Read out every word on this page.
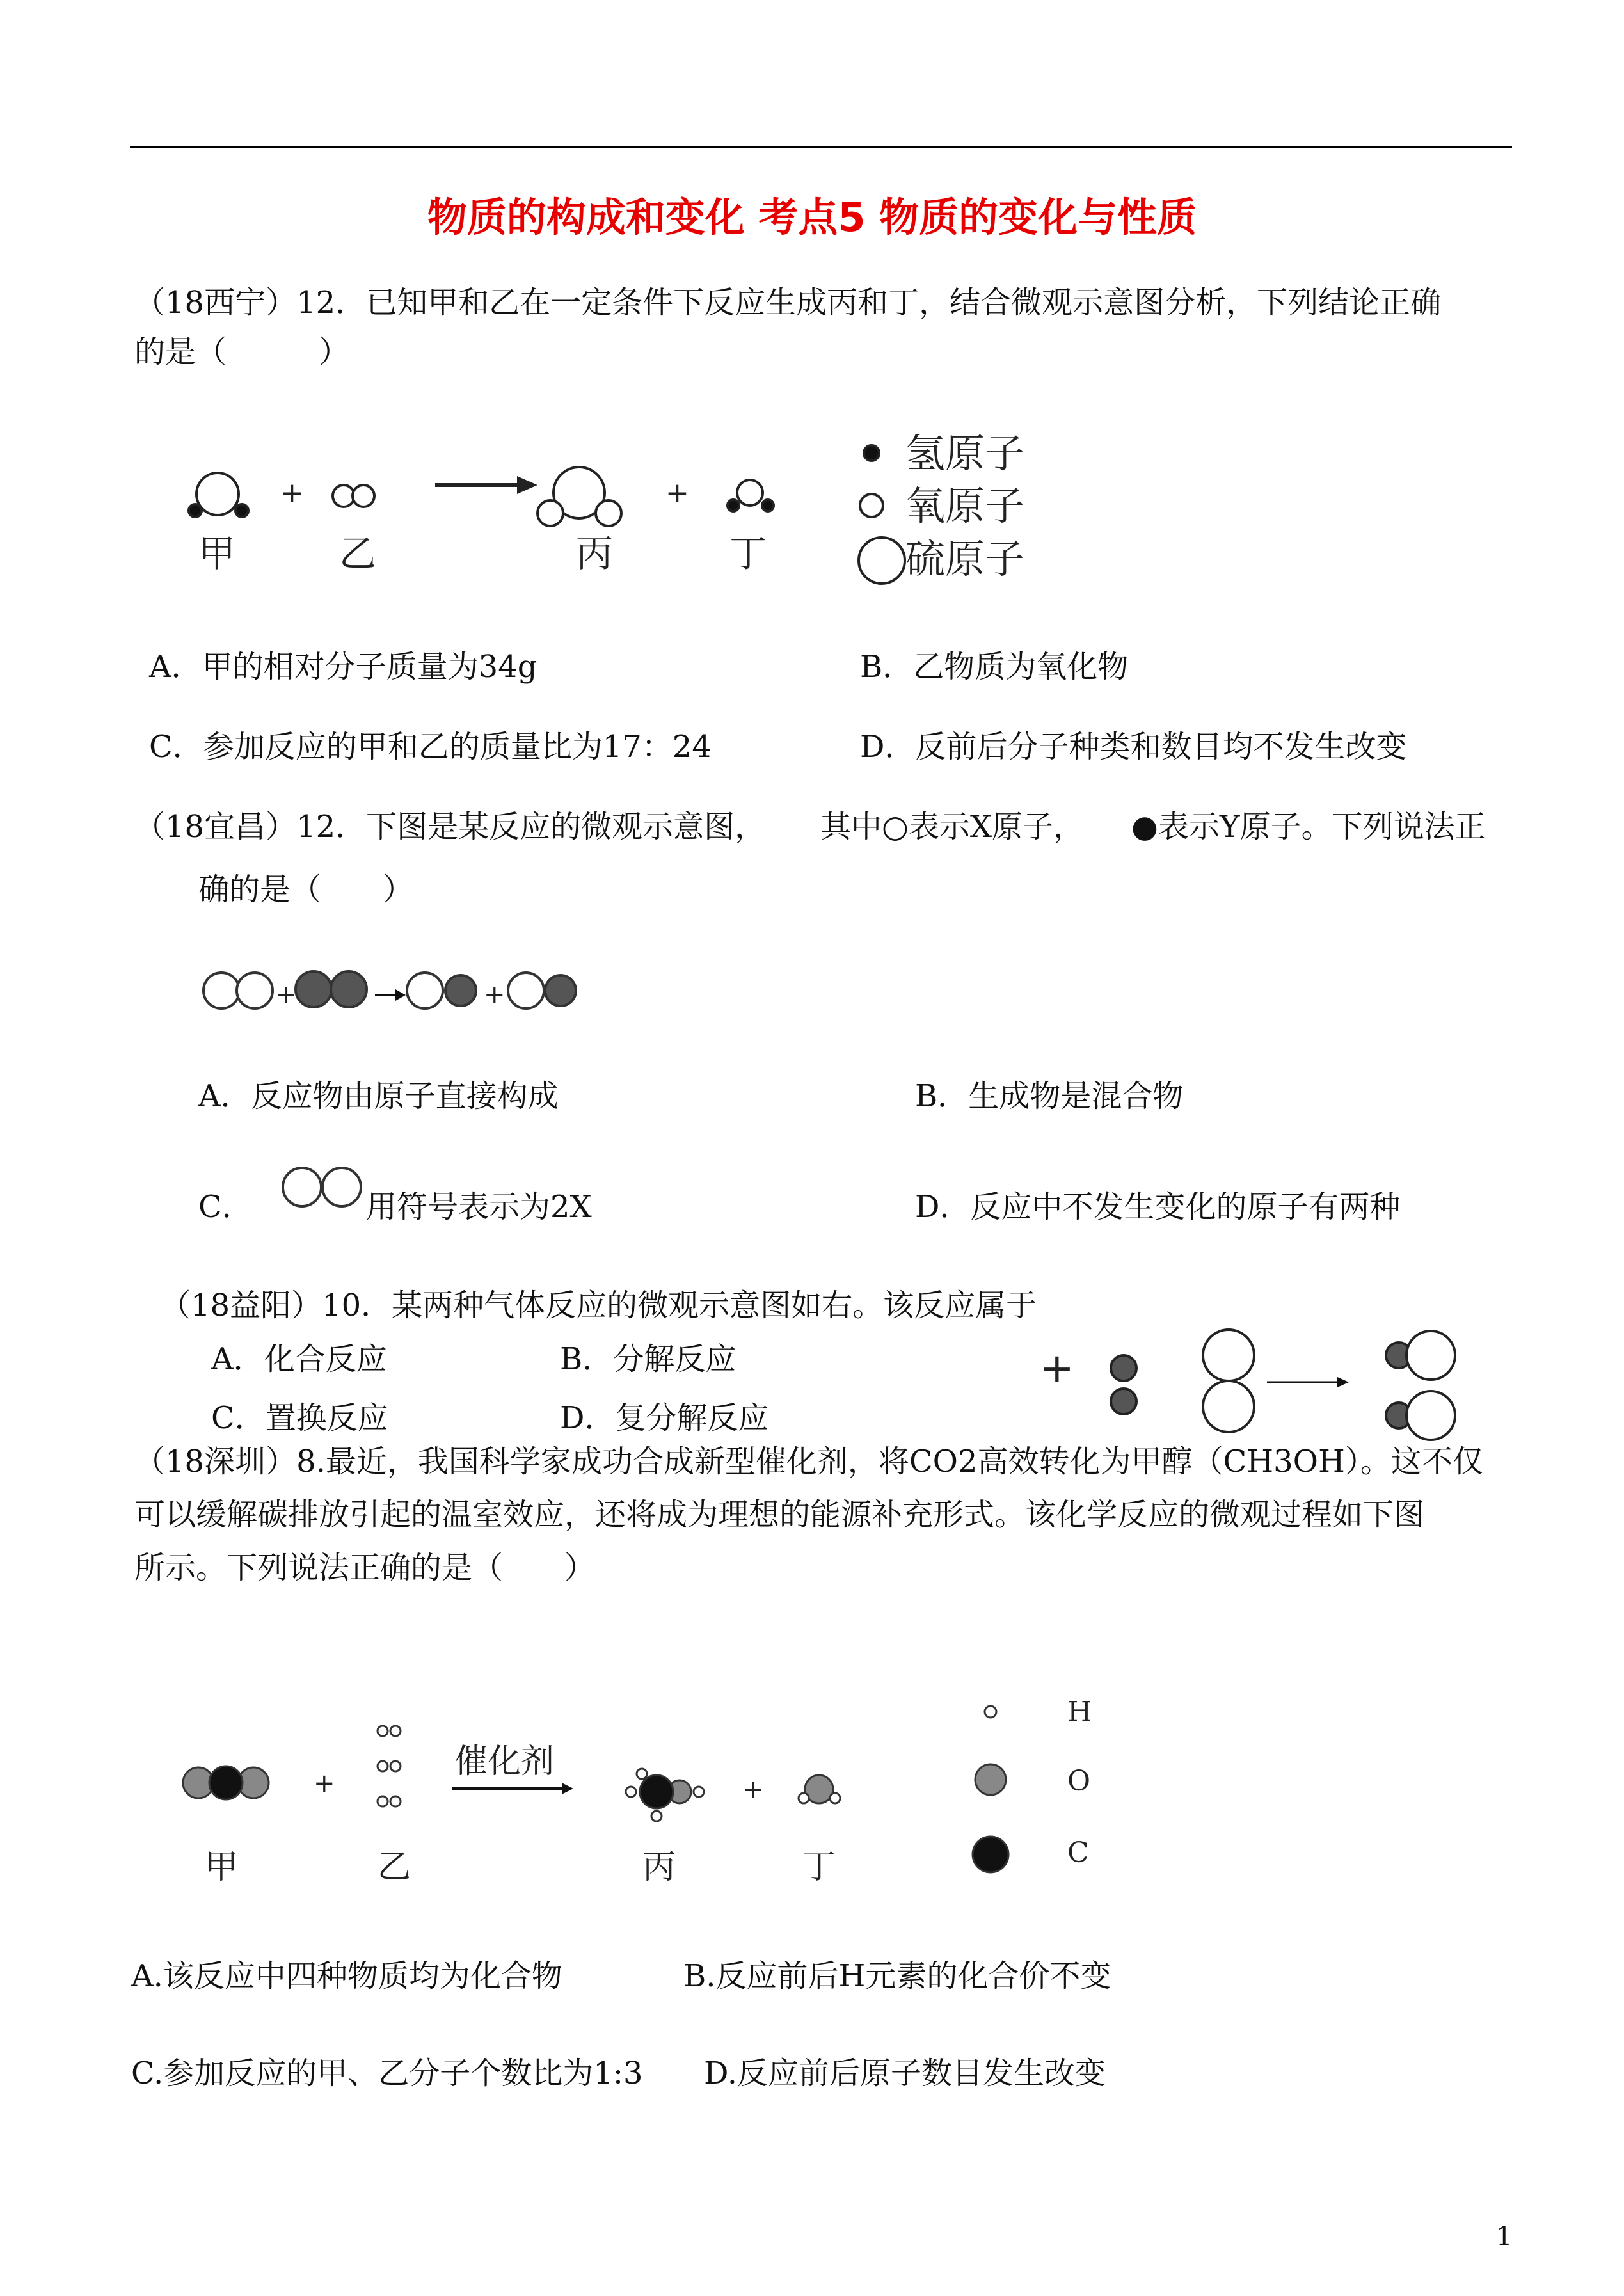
物质的构成和变化 考点5 物质的变化与性质
（18西宁）12．已知甲和乙在一定条件下反应生成丙和丁，结合微观示意图分析，下列结论正确
的是（　　　）
+	+
甲	乙	丙	丁
氢原子
氧原子
硫原子
A．甲的相对分子质量为34g	B．乙物质为氧化物
C．参加反应的甲和乙的质量比为17：24	D．反前后分子种类和数目均不发生改变
（18宜昌）12．下图是某反应的微观示意图， 其中○表示X原子， ●表示Y原子。下列说法正
确的是（　　）
+	+
A．反应物由原子直接构成	B．生成物是混合物
C．	用符号表示为2X	D．反应中不发生变化的原子有两种
（18益阳）10．某两种气体反应的微观示意图如右。该反应属于
A．化合反应	B．分解反应
C．置换反应	D．复分解反应
+
（18深圳）8.最近，我国科学家成功合成新型催化剂，将CO2高效转化为甲醇（CH3OH）。这不仅
可以缓解碳排放引起的温室效应，还将成为理想的能源补充形式。该化学反应的微观过程如下图
所示。下列说法正确的是（　　）
+	+
催化剂
甲	乙	丙	丁
H
O
C
A.该反应中四种物质均为化合物	B.反应前后H元素的化合价不变
C.参加反应的甲、乙分子个数比为1:3 D.反应前后原子数目发生改变
1
